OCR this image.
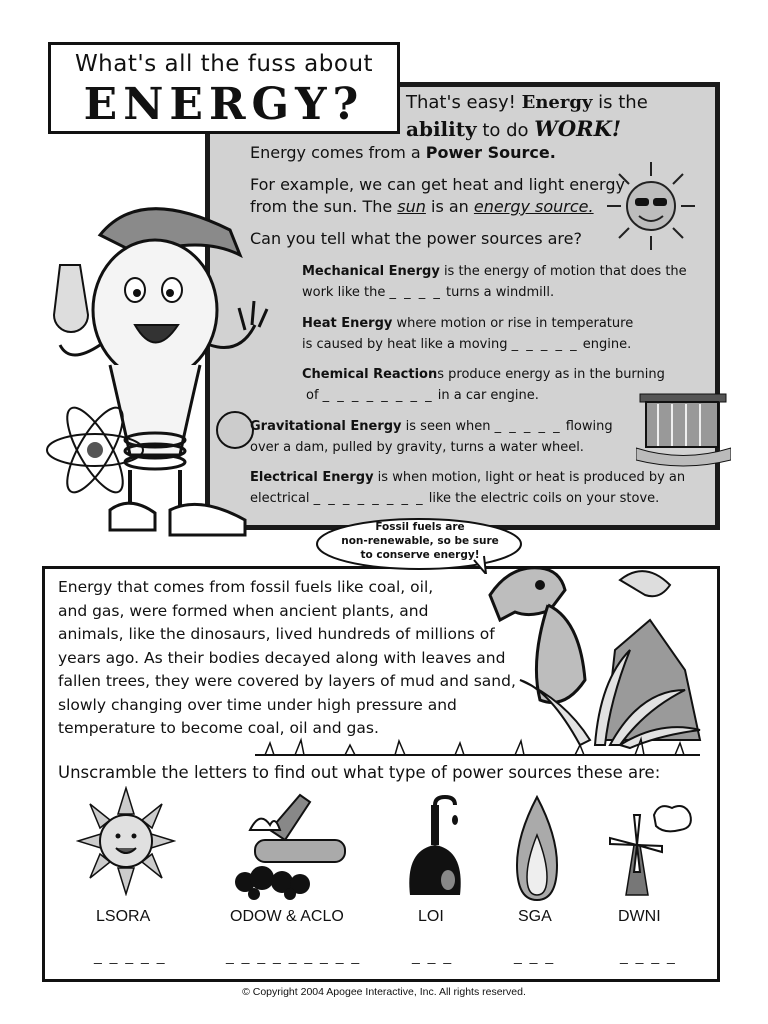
What's all the fuss about
ENERGY?	That's easy! Energy is the
ability to do WORK!
Energy comes from a Power Source.
For example, we can get heat and light energy
from the sun. The sun is an energy source.
Can you tell what the power sources are?
Mechanical Energy is the energy of motion that does the
work like the _ _ _ _ turns a windmill.
Heat Energy where motion or rise in temperature
is caused by heat like a moving _ _ _ _ _ engine.
Chemical Reactions produce energy as in the burning
of _ _ _ _ _ _ _ _ in a car engine.
Gravitational Energy is seen when _ _ _ _ _ flowing
over a dam, pulled by gravity, turns a water wheel.
Electrical Energy is when motion, light or heat is produced by an
electrical _ _ _ _ _ _ _ _ like the electric coils on your stove.
Fossil fuels are
non-renewable, so be sure
to conserve energy!
Energy that comes from fossil fuels like coal, oil,
and gas, were formed when ancient plants, and
animals, like the dinosaurs, lived hundreds of millions of
years ago. As their bodies decayed along with leaves and
fallen trees, they were covered by layers of mud and sand,
slowly changing over time under high pressure and
temperature to become coal, oil and gas.
Unscramble the letters to find out what type of power sources these are:
LSORA	ODOW & ACLO	LOI	SGA	DWNI
_ _ _ _ _	_ _ _ _ _ _ _ _ _	_ _ _	_ _ _	_ _ _ _
© Copyright 2004 Apogee Interactive, Inc. All rights reserved.
